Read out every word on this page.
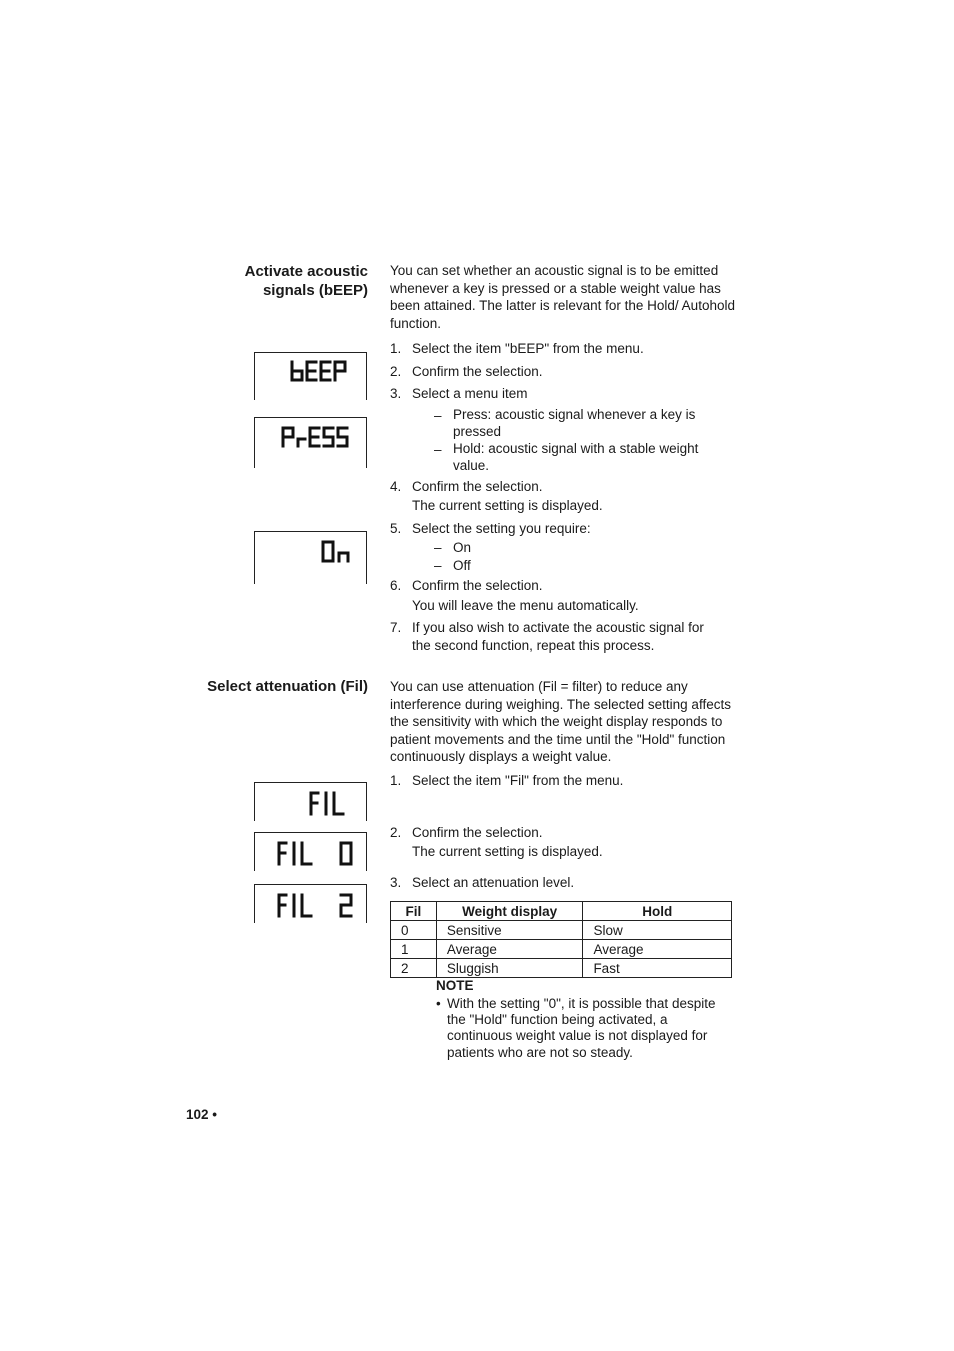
Activate acoustic
signals (bEEP)
You can set whether an acoustic signal is to be emitted whenever a key is pressed or a stable weight value has been attained. The latter is relevant for the Hold/ Autohold function.
1. Select the item "bEEP" from the menu.
2. Confirm the selection.
3. Select a menu item
– Press: acoustic signal whenever a key is pressed
– Hold: acoustic signal with a stable weight value.
4. Confirm the selection.
The current setting is displayed.
5. Select the setting you require:
– On
– Off
6. Confirm the selection.
You will leave the menu automatically.
7. If you also wish to activate the acoustic signal for
the second function, repeat this process.
Select attenuation (Fil) You can use attenuation (Fil = filter) to reduce any interference during weighing. The selected setting affects the sensitivity with which the weight display responds to patient movements and the time until the "Hold" function continuously displays a weight value.
1. Select the item "Fil" from the menu.
2. Confirm the selection.
The current setting is displayed.
3. Select an attenuation level.
Fil	Weight display	Hold
0	Sensitive	Slow
1	Average	Average
2	Sluggish	Fast
NOTE
• With the setting "0", it is possible that despite the "Hold" function being activated, a continuous weight value is not displayed for patients who are not so steady.
102 •
